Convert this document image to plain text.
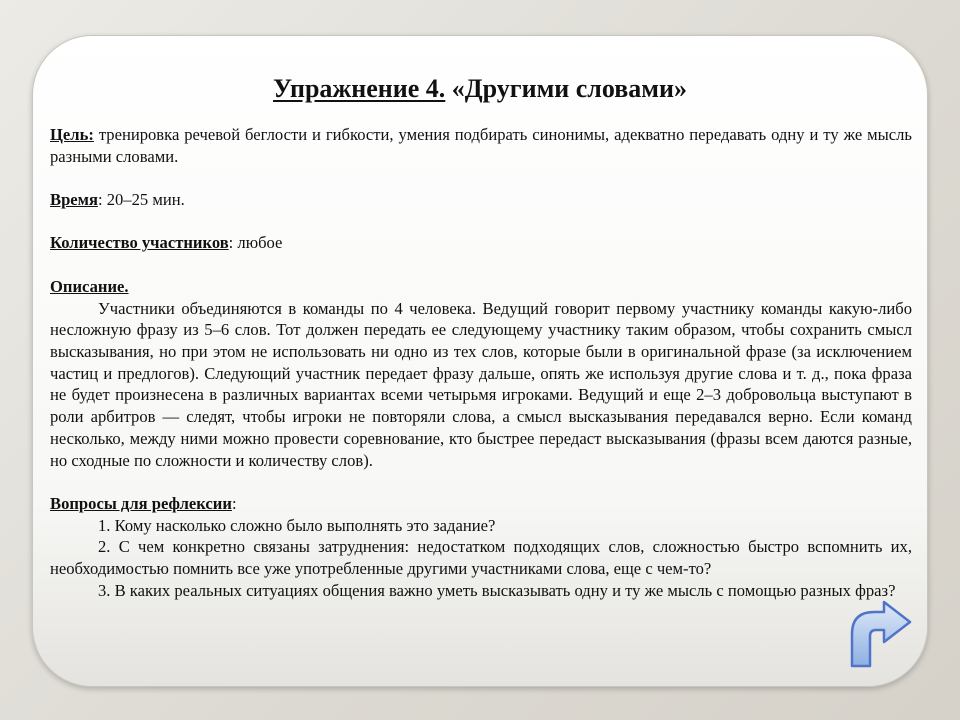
Упражнение 4. «Другими словами»

Цель: тренировка речевой беглости и гибкости, умения подбирать синонимы, адекватно передавать одну и ту же мысль разными словами.

Время: 20–25 мин.

Количество участников: любое

Описание.

Участники объединяются в команды по 4 человека. Ведущий говорит первому участнику команды какую-либо несложную фразу из 5–6 слов. Тот должен передать ее следующему участнику таким образом, чтобы сохранить смысл высказывания, но при этом не использовать ни одно из тех слов, которые были в оригинальной фразе (за исключением частиц и предлогов). Следующий участник передает фразу дальше, опять же используя другие слова и т. д., пока фраза не будет произнесена в различных вариантах всеми четырьмя игроками. Ведущий и еще 2–3 добровольца выступают в роли арбитров — следят, чтобы игроки не повторяли слова, а смысл высказывания передавался верно. Если команд несколько, между ними можно провести соревнование, кто быстрее передаст высказывания (фразы всем даются разные, но сходные по сложности и количеству слов).

Вопросы для рефлексии:

1. Кому насколько сложно было выполнять это задание?

2. С чем конкретно связаны затруднения: недостатком подходящих слов, сложностью быстро вспомнить их, необходимостью помнить все уже употребленные другими участниками слова, еще с чем-то?

3. В каких реальных ситуациях общения важно уметь высказывать одну и ту же мысль с помощью разных фраз?
